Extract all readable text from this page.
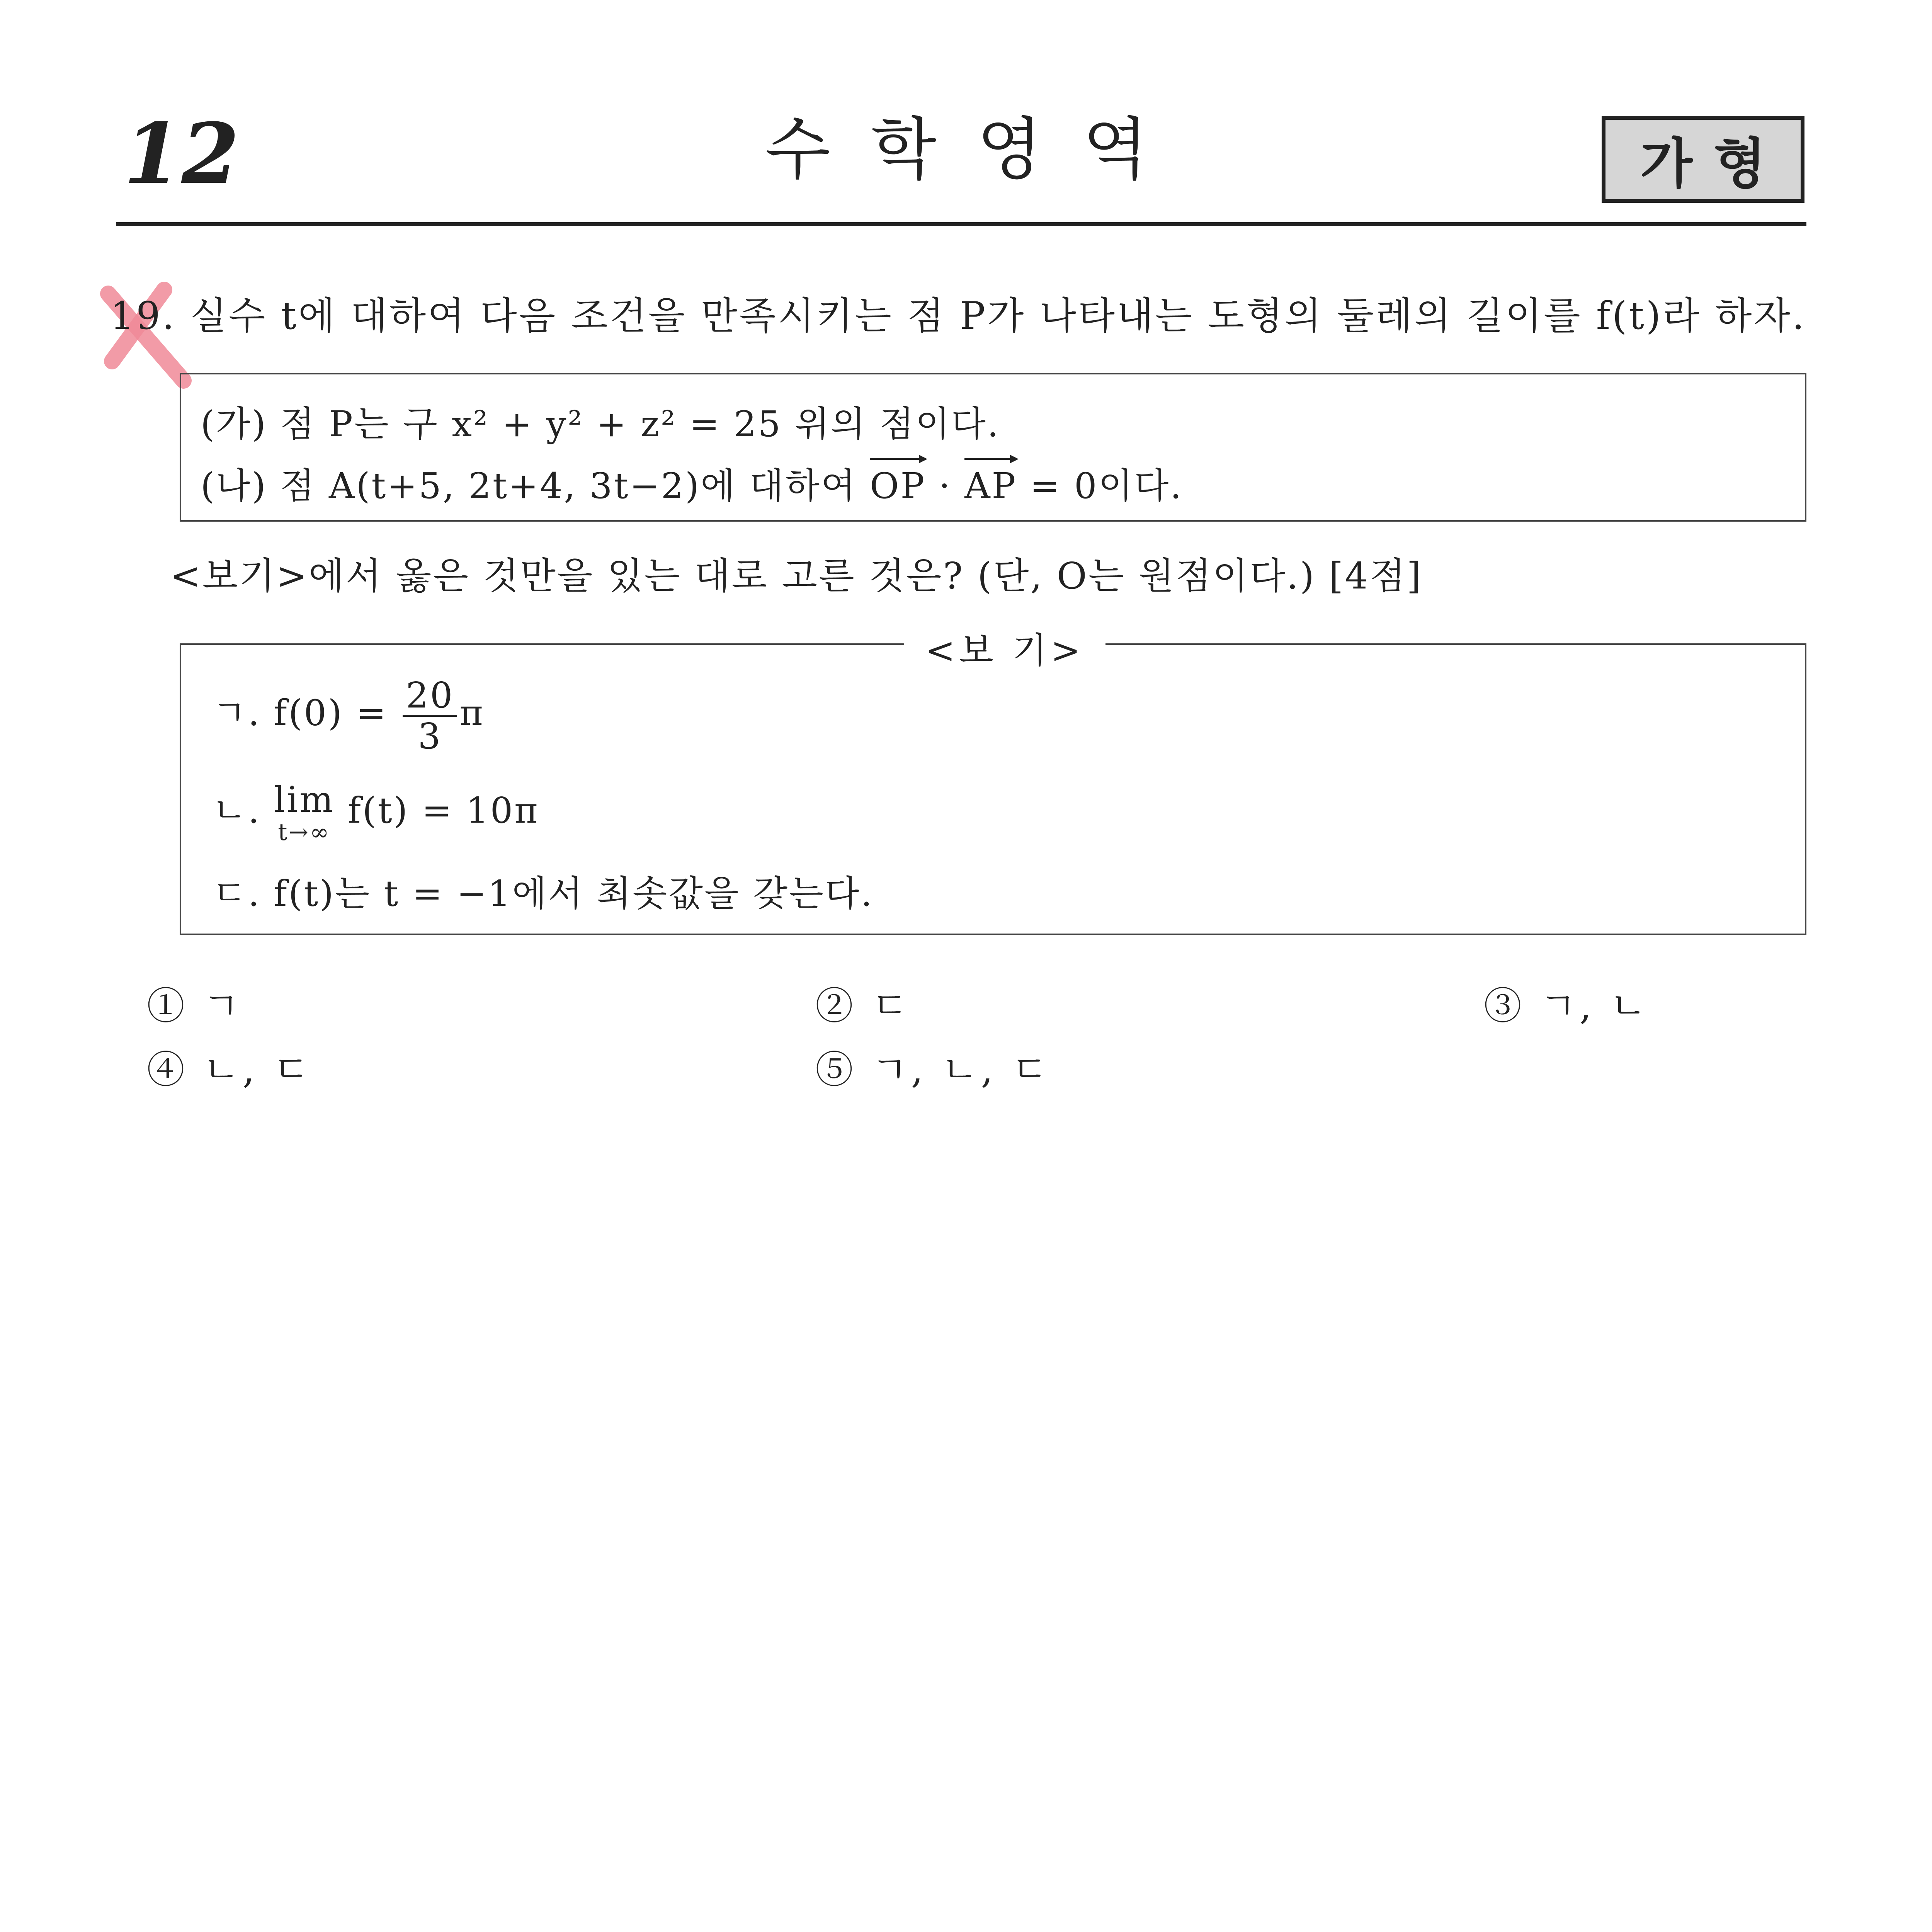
12	수학영역	가형
19. 실수 t에 대하여 다음 조건을 만족시키는 점 P가 나타내는 도형의 둘레의 길이를 f(t)라 하자.
(가) 점 P는 구 x² + y² + z² = 25 위의 점이다.
(나) 점 A(t+5, 2t+4, 3t−2)에 대하여 OP · AP = 0이다.
<보기>에서 옳은 것만을 있는 대로 고른 것은? (단, O는 원점이다.) [4점]
ㄱ. $f(0) = \frac{20}{3}$ π
ㄴ. lim
t→∞
f(t) = 10π
ㄷ. f(t)는 t = −1에서 최솟값을 갖는다.
<보 기>
① ㄱ	② ㄷ	③ ㄱ, ㄴ
④ ㄴ, ㄷ	⑤ ㄱ, ㄴ, ㄷ
